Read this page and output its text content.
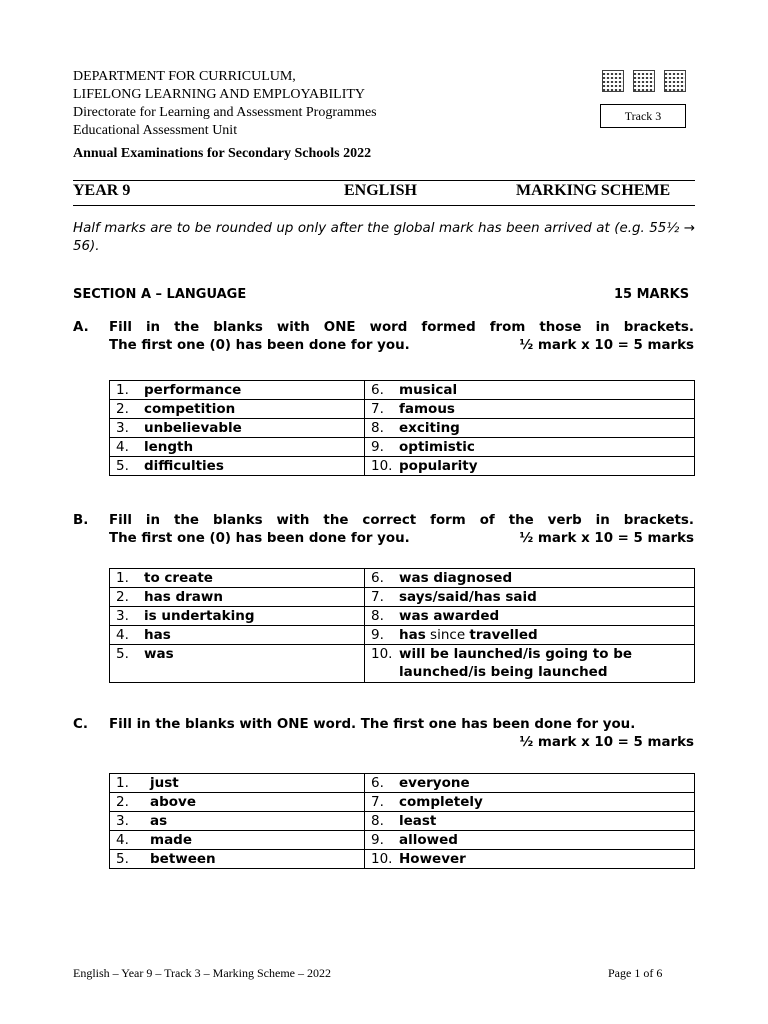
DEPARTMENT FOR CURRICULUM,
LIFELONG LEARNING AND EMPLOYABILITY
Directorate for Learning and Assessment Programmes
Educational Assessment Unit
Track 3
Annual Examinations for Secondary Schools 2022
YEAR 9	ENGLISH	MARKING SCHEME
Half marks are to be rounded up only after the global mark has been arrived at (e.g. 55½ → 56).
SECTION A – LANGUAGE	15 MARKS
A. Fill in the blanks with ONE word formed from those in brackets.
The first one (0) has been done for you.	½ mark x 10 = 5 marks
1. performance	6. musical
2. competition	7. famous
3. unbelievable	8. exciting
4. length	9. optimistic
5. difficulties	10. popularity
B. Fill in the blanks with the correct form of the verb in brackets.
The first one (0) has been done for you.	½ mark x 10 = 5 marks
1. to create	6. was diagnosed
2. has drawn	7. says/said/has said
3. is undertaking	8. was awarded
4. has	9. has since travelled
5. was	10. will be launched/is going to be
launched/is being launched
C. Fill in the blanks with ONE word. The first one has been done for you.
½ mark x 10 = 5 marks
1. just	6. everyone
2. above	7. completely
3. as	8. least
4. made	9. allowed
5. between	10. However
English – Year 9 – Track 3 – Marking Scheme – 2022	Page 1 of 6
